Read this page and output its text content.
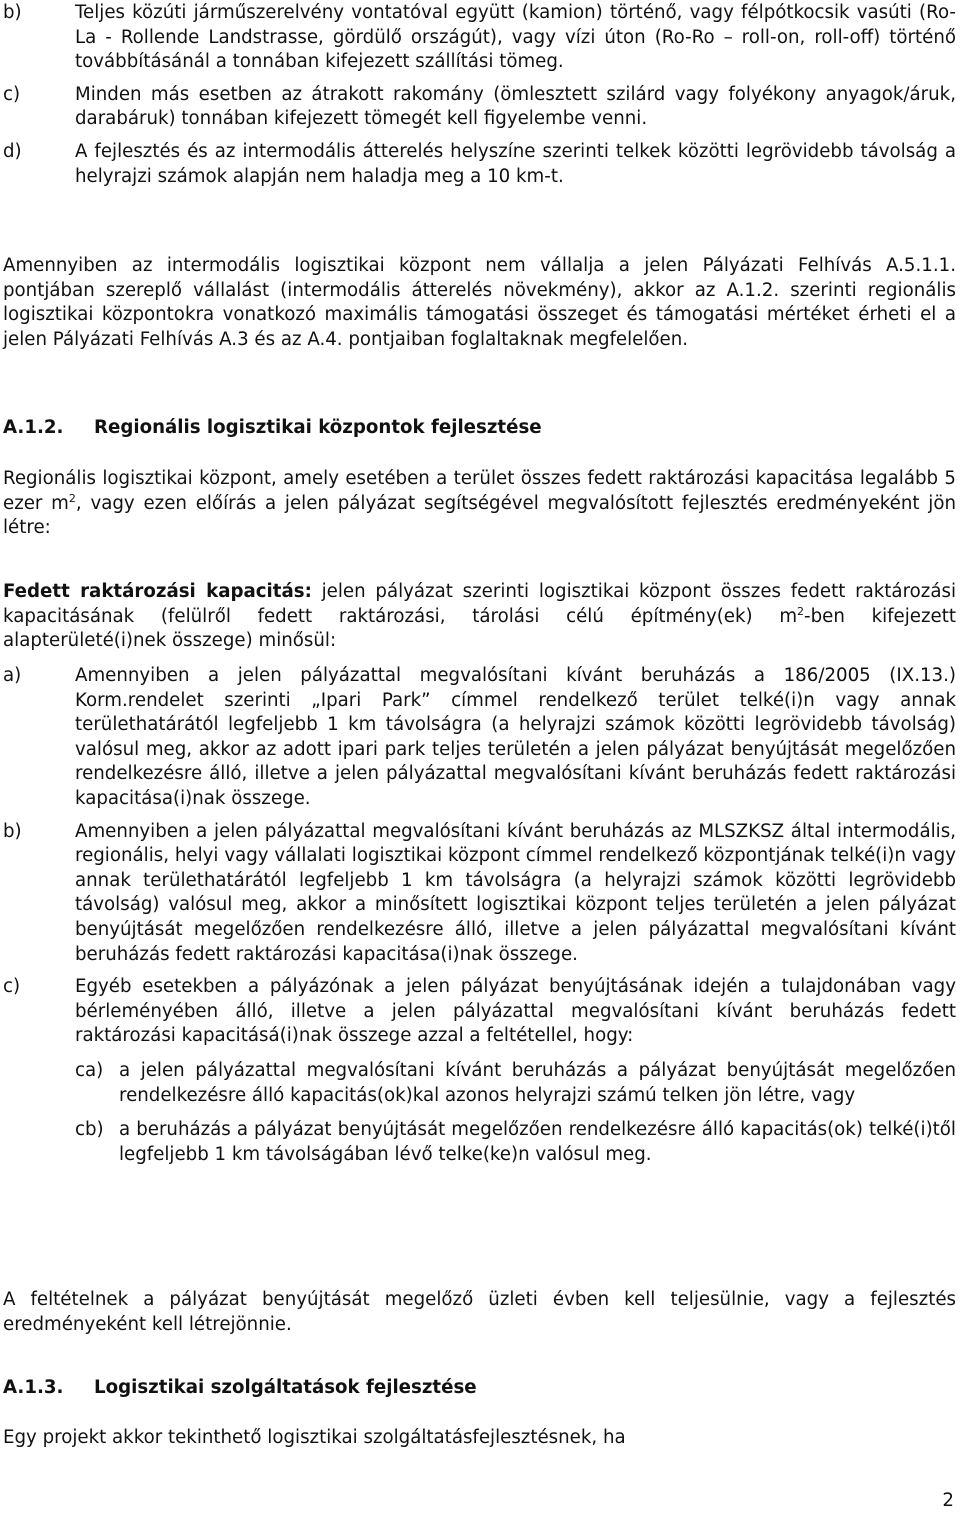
b)	Teljes közúti járműszerelvény vontatóval együtt (kamion) történő, vagy félpótkocsik vasúti (Ro-La - Rollende Landstrasse, gördülő országút), vagy vízi úton (Ro-Ro – roll-on, roll-off) történő továbbításánál a tonnában kifejezett szállítási tömeg.

c)	Minden más esetben az átrakott rakomány (ömlesztett szilárd vagy folyékony anyagok/áruk, darabáruk) tonnában kifejezett tömegét kell figyelembe venni.

d)	A fejlesztés és az intermodális átterelés helyszíne szerinti telkek közötti legrövidebb távolság a helyrajzi számok alapján nem haladja meg a 10 km-t.

Amennyiben az intermodális logisztikai központ nem vállalja a jelen Pályázati Felhívás A.5.1.1. pontjában szereplő vállalást (intermodális átterelés növekmény), akkor az A.1.2. szerinti regionális logisztikai központokra vonatkozó maximális támogatási összeget és támogatási mértéket érheti el a jelen Pályázati Felhívás A.3 és az A.4. pontjaiban foglaltaknak megfelelően.

A.1.2.	Regionális logisztikai központok fejlesztése

Regionális logisztikai központ, amely esetében a terület összes fedett raktározási kapacitása legalább 5 ezer $m^2$, vagy ezen előírás a jelen pályázat segítségével megvalósított fejlesztés eredményeként jön létre:

Fedett raktározási kapacitás: jelen pályázat szerinti logisztikai központ összes fedett raktározási kapacitásának (felülről fedett raktározási, tárolási célú építmény(ek) $m^2$-ben kifejezett alapterületé(i)nek összege) minősül:

a)	Amennyiben a jelen pályázattal megvalósítani kívánt beruházás a 186/2005 (IX.13.) Korm.rendelet szerinti „Ipari Park” címmel rendelkező terület telké(i)n vagy annak területhatárától legfeljebb 1 km távolságra (a helyrajzi számok közötti legrövidebb távolság) valósul meg, akkor az adott ipari park teljes területén a jelen pályázat benyújtását megelőzően rendelkezésre álló, illetve a jelen pályázattal megvalósítani kívánt beruházás fedett raktározási kapacitása(i)nak összege.

b)	Amennyiben a jelen pályázattal megvalósítani kívánt beruházás az MLSZKSZ által intermodális, regionális, helyi vagy vállalati logisztikai központ címmel rendelkező központjának telké(i)n vagy annak területhatárától legfeljebb 1 km távolságra (a helyrajzi számok közötti legrövidebb távolság) valósul meg, akkor a minősített logisztikai központ teljes területén a jelen pályázat benyújtását megelőzően rendelkezésre álló, illetve a jelen pályázattal megvalósítani kívánt beruházás fedett raktározási kapacitása(i)nak összege.

c)	Egyéb esetekben a pályázónak a jelen pályázat benyújtásának idején a tulajdonában vagy bérleményében álló, illetve a jelen pályázattal megvalósítani kívánt beruházás fedett raktározási kapacitásá(i)nak összege azzal a feltétellel, hogy:

ca) a jelen pályázattal megvalósítani kívánt beruházás a pályázat benyújtását megelőzően rendelkezésre álló kapacitás(ok)kal azonos helyrajzi számú telken jön létre, vagy

cb) a beruházás a pályázat benyújtását megelőzően rendelkezésre álló kapacitás(ok) telké(i)től legfeljebb 1 km távolságában lévő telke(ke)n valósul meg.

A feltételnek a pályázat benyújtását megelőző üzleti évben kell teljesülnie, vagy a fejlesztés eredményeként kell létrejönnie.

A.1.3.	Logisztikai szolgáltatások fejlesztése

Egy projekt akkor tekinthető logisztikai szolgáltatásfejlesztésnek, ha

2
